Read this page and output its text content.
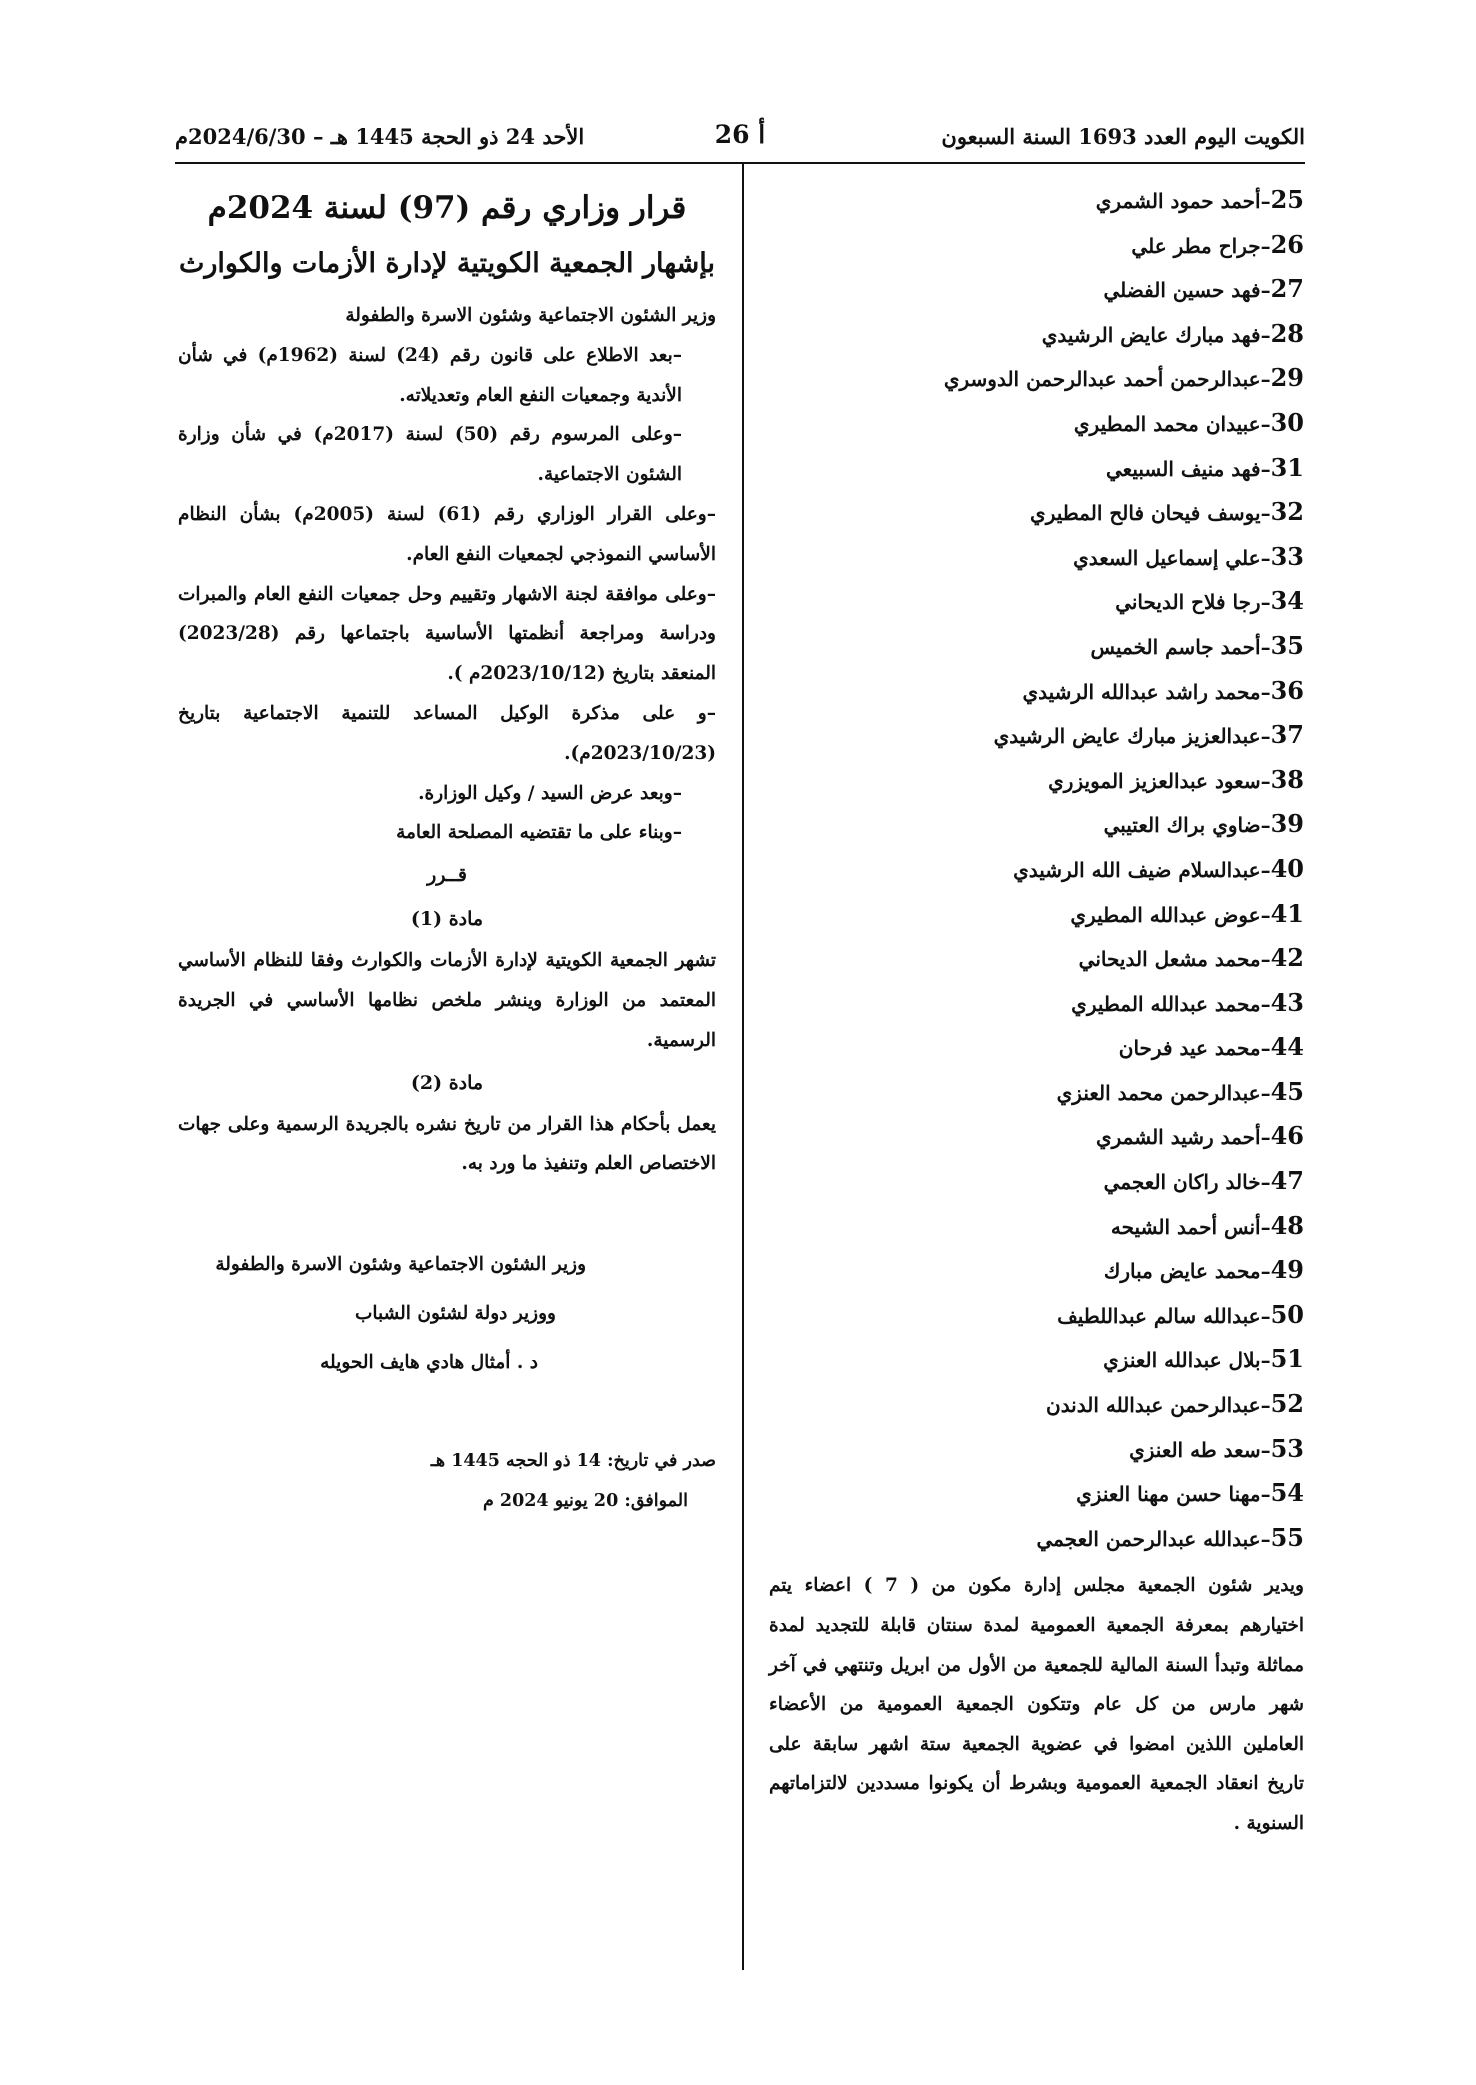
الكويت اليوم العدد 1693 السنة السبعون
أ 26
الأحد 24 ذو الحجة 1445 هـ – 2024/6/30م
25–أحمد حمود الشمري
26–جراح مطر علي
27–فهد حسين الفضلي
28–فهد مبارك عايض الرشيدي
29–عبدالرحمن أحمد عبدالرحمن الدوسري
30–عبيدان محمد المطيري
31–فهد منيف السبيعي
32–يوسف فيحان فالح المطيري
33–علي إسماعيل السعدي
34–رجا فلاح الديحاني
35–أحمد جاسم الخميس
36–محمد راشد عبدالله الرشيدي
37–عبدالعزيز مبارك عايض الرشيدي
38–سعود عبدالعزيز المويزري
39–ضاوي براك العتيبي
40–عبدالسلام ضيف الله الرشيدي
41–عوض عبدالله المطيري
42–محمد مشعل الديحاني
43–محمد عبدالله المطيري
44–محمد عيد فرحان
45–عبدالرحمن محمد العنزي
46–أحمد رشيد الشمري
47–خالد راكان العجمي
48–أنس أحمد الشيحه
49–محمد عايض مبارك
50–عبدالله سالم عبداللطيف
51–بلال عبدالله العنزي
52–عبدالرحمن عبدالله الدندن
53–سعد طه العنزي
54–مهنا حسن مهنا العنزي
55–عبدالله عبدالرحمن العجمي

ويدير شئون الجمعية مجلس إدارة مكون من ( 7 ) اعضاء يتم اختيارهم بمعرفة الجمعية العمومية لمدة سنتان قابلة للتجديد لمدة مماثلة وتبدأ السنة المالية للجمعية من الأول من ابريل وتنتهي في آخر شهر مارس من كل عام وتتكون الجمعية العمومية من الأعضاء العاملين اللذين امضوا في عضوية الجمعية ستة اشهر سابقة على تاريخ انعقاد الجمعية العمومية وبشرط أن يكونوا مسددين لالتزاماتهم السنوية .

قرار وزاري رقم (97) لسنة 2024م
بإشهار الجمعية الكويتية لإدارة الأزمات والكوارث

وزير الشئون الاجتماعية وشئون الاسرة والطفولة

–بعد الاطلاع على قانون رقم (24) لسنة (1962م) في شأن الأندية وجمعيات النفع العام وتعديلاته.

–وعلى المرسوم رقم (50) لسنة (2017م) في شأن وزارة الشئون الاجتماعية.

–وعلى القرار الوزاري رقم (61) لسنة (2005م) بشأن النظام الأساسي النموذجي لجمعيات النفع العام.

–وعلى موافقة لجنة الاشهار وتقييم وحل جمعيات النفع العام والمبرات ودراسة ومراجعة أنظمتها الأساسية باجتماعها رقم (2023/28) المنعقد بتاريخ (2023/10/12م ).

–و على مذكرة الوكيل المساعد للتنمية الاجتماعية بتاريخ (2023/10/23م).

–وبعد عرض السيد / وكيل الوزارة.

–وبناء على ما تقتضيه المصلحة العامة

قــرر

مادة (1)

تشهر الجمعية الكويتية لإدارة الأزمات والكوارث وفقا للنظام الأساسي المعتمد من الوزارة وينشر ملخص نظامها الأساسي في الجريدة الرسمية.

مادة (2)

يعمل بأحكام هذا القرار من تاريخ نشره بالجريدة الرسمية وعلى جهات الاختصاص العلم وتنفيذ ما ورد به.

وزير الشئون الاجتماعية وشئون الاسرة والطفولة
ووزير دولة لشئون الشباب
د . أمثال هادي هايف الحويله
صدر في تاريخ: 14 ذو الحجه 1445 هـ
الموافق: 20 يونيو 2024 م
